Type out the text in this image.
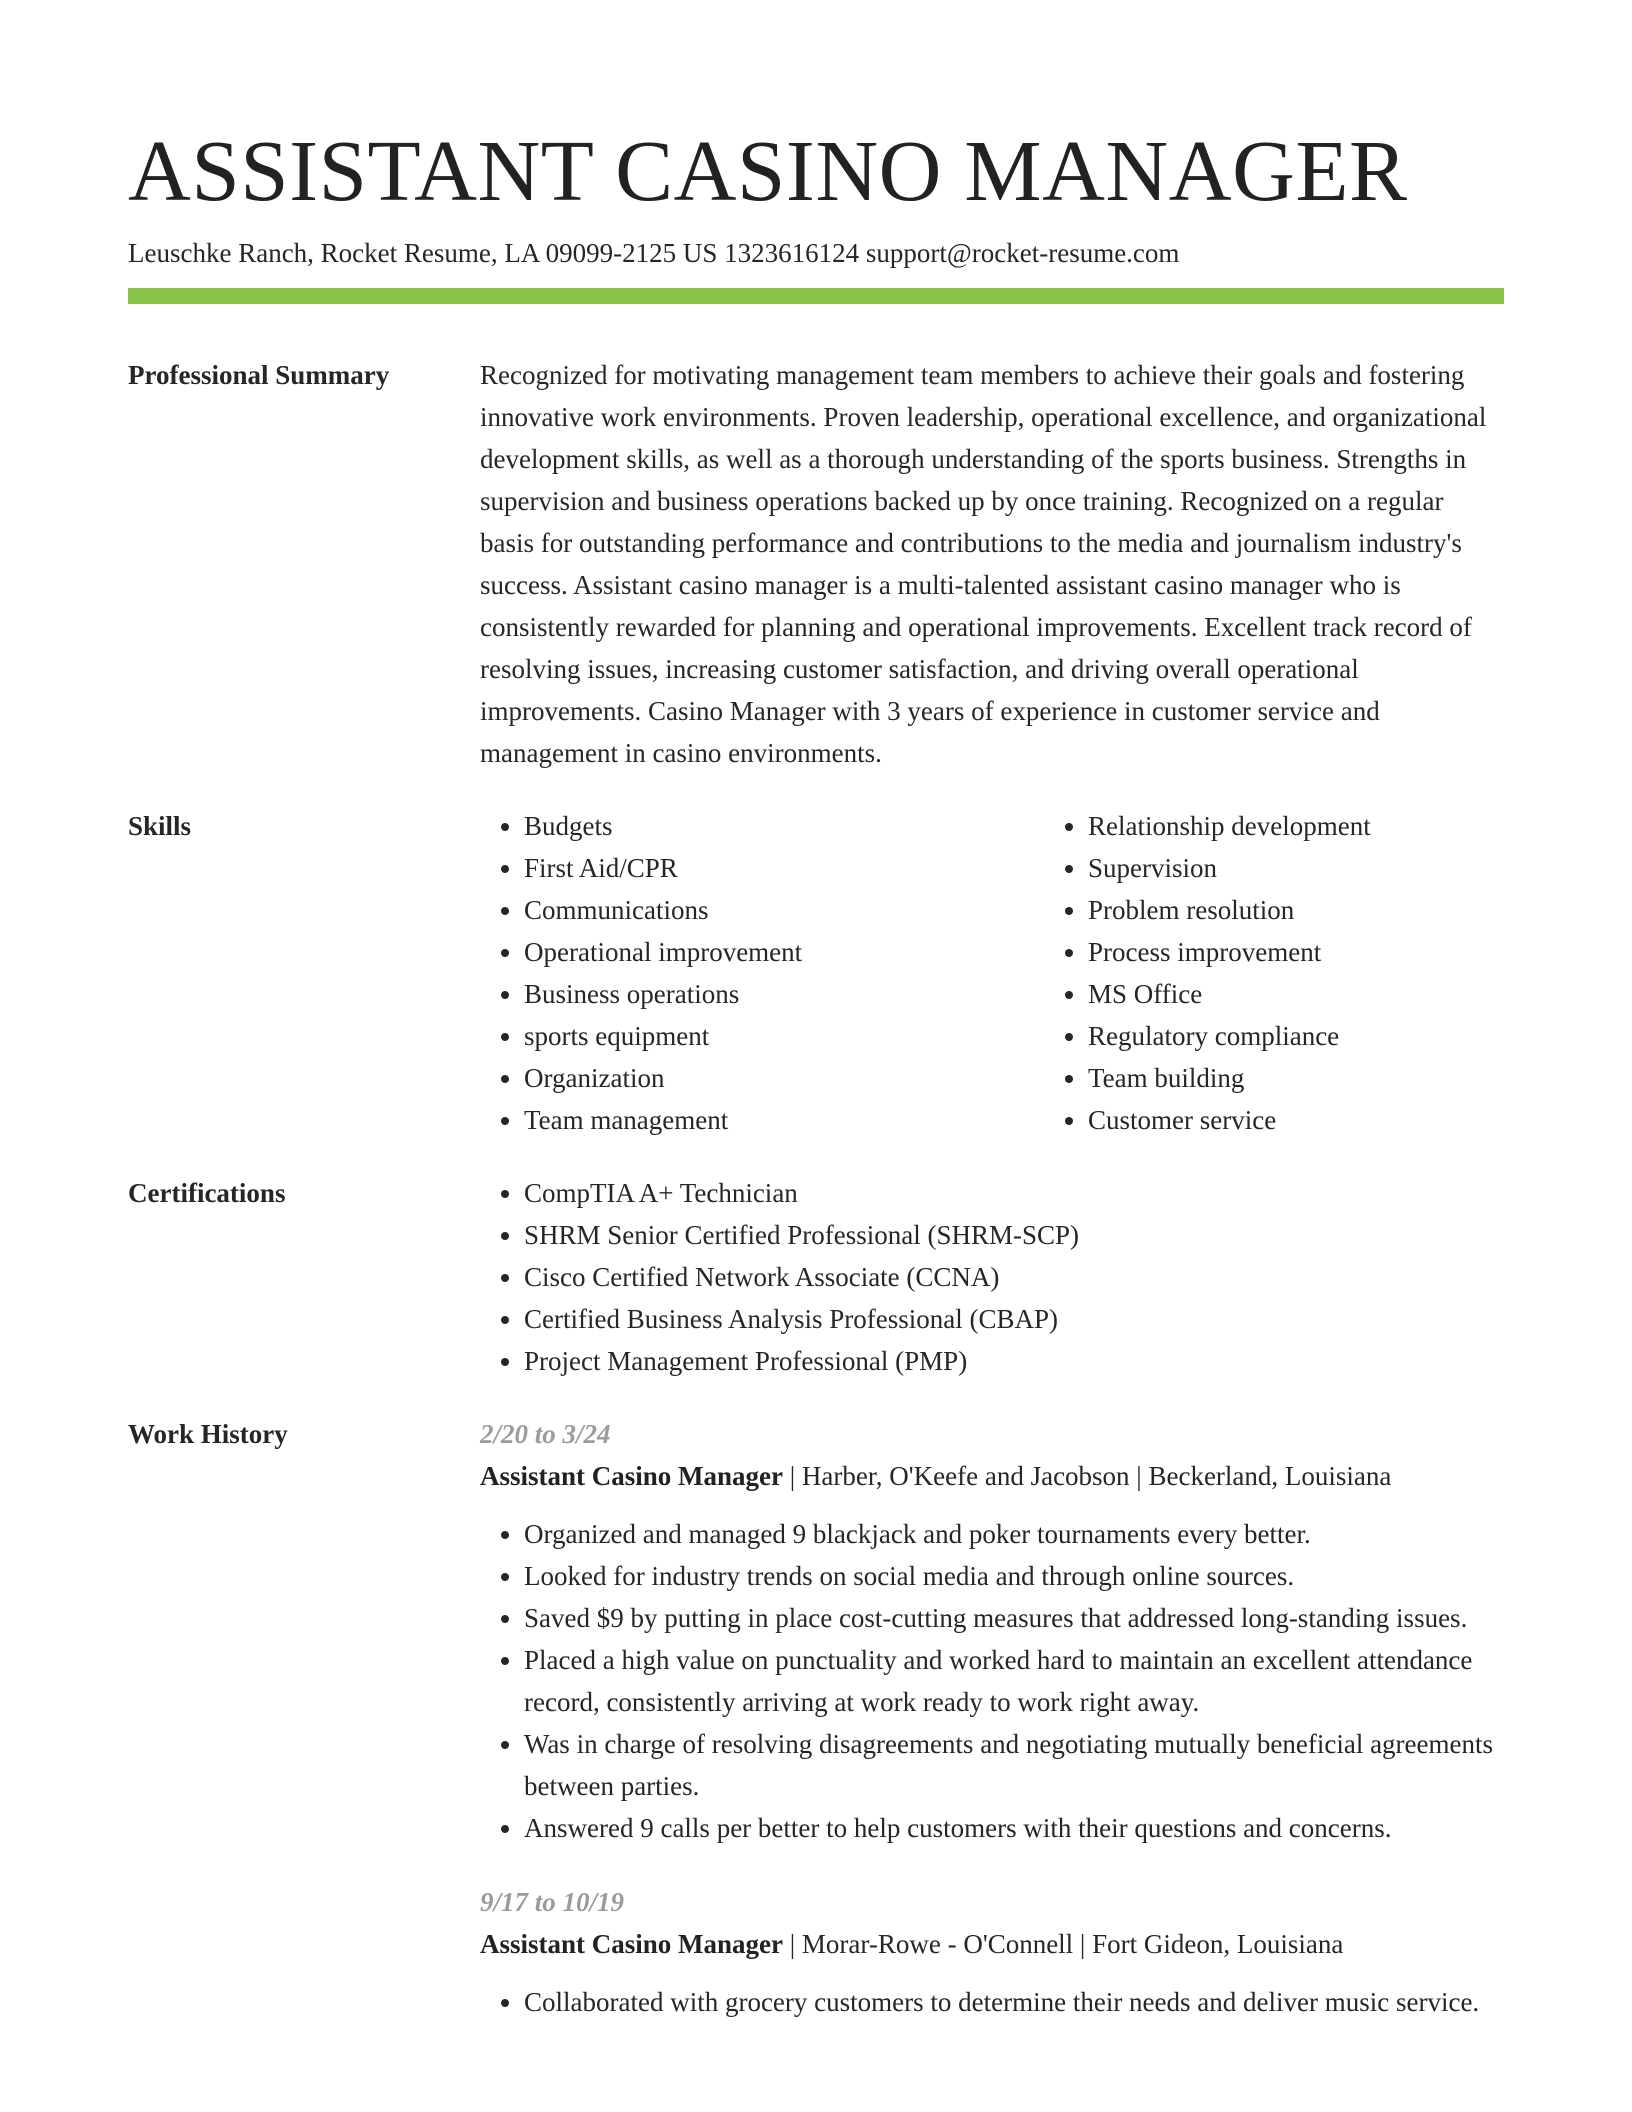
ASSISTANT CASINO MANAGER
Leuschke Ranch, Rocket Resume, LA 09099-2125 US 1323616124 support@rocket-resume.com
Professional Summary	Recognized for motivating management team members to achieve their goals and fostering innovative work environments. Proven leadership, operational excellence, and organizational development skills, as well as a thorough understanding of the sports business. Strengths in supervision and business operations backed up by once training. Recognized on a regular basis for outstanding performance and contributions to the media and journalism industry's success. Assistant casino manager is a multi-talented assistant casino manager who is consistently rewarded for planning and operational improvements. Excellent track record of resolving issues, increasing customer satisfaction, and driving overall operational improvements. Casino Manager with 3 years of experience in customer service and management in casino environments.
Skills	• Budgets
• First Aid/CPR
• Communications
• Operational improvement
• Business operations
• sports equipment
• Organization
• Team management
• Relationship development
• Supervision
• Problem resolution
• Process improvement
• MS Office
• Regulatory compliance
• Team building
• Customer service
Certifications	• CompTIA A+ Technician
• SHRM Senior Certified Professional (SHRM-SCP)
• Cisco Certified Network Associate (CCNA)
• Certified Business Analysis Professional (CBAP)
• Project Management Professional (PMP)
Work History	2/20 to 3/24
Assistant Casino Manager | Harber, O'Keefe and Jacobson | Beckerland, Louisiana
• Organized and managed 9 blackjack and poker tournaments every better.
• Looked for industry trends on social media and through online sources.
• Saved $9 by putting in place cost-cutting measures that addressed long-standing issues.
• Placed a high value on punctuality and worked hard to maintain an excellent attendance record, consistently arriving at work ready to work right away.
• Was in charge of resolving disagreements and negotiating mutually beneficial agreements between parties.
• Answered 9 calls per better to help customers with their questions and concerns.
9/17 to 10/19
Assistant Casino Manager | Morar-Rowe - O'Connell | Fort Gideon, Louisiana
• Collaborated with grocery customers to determine their needs and deliver music service.
